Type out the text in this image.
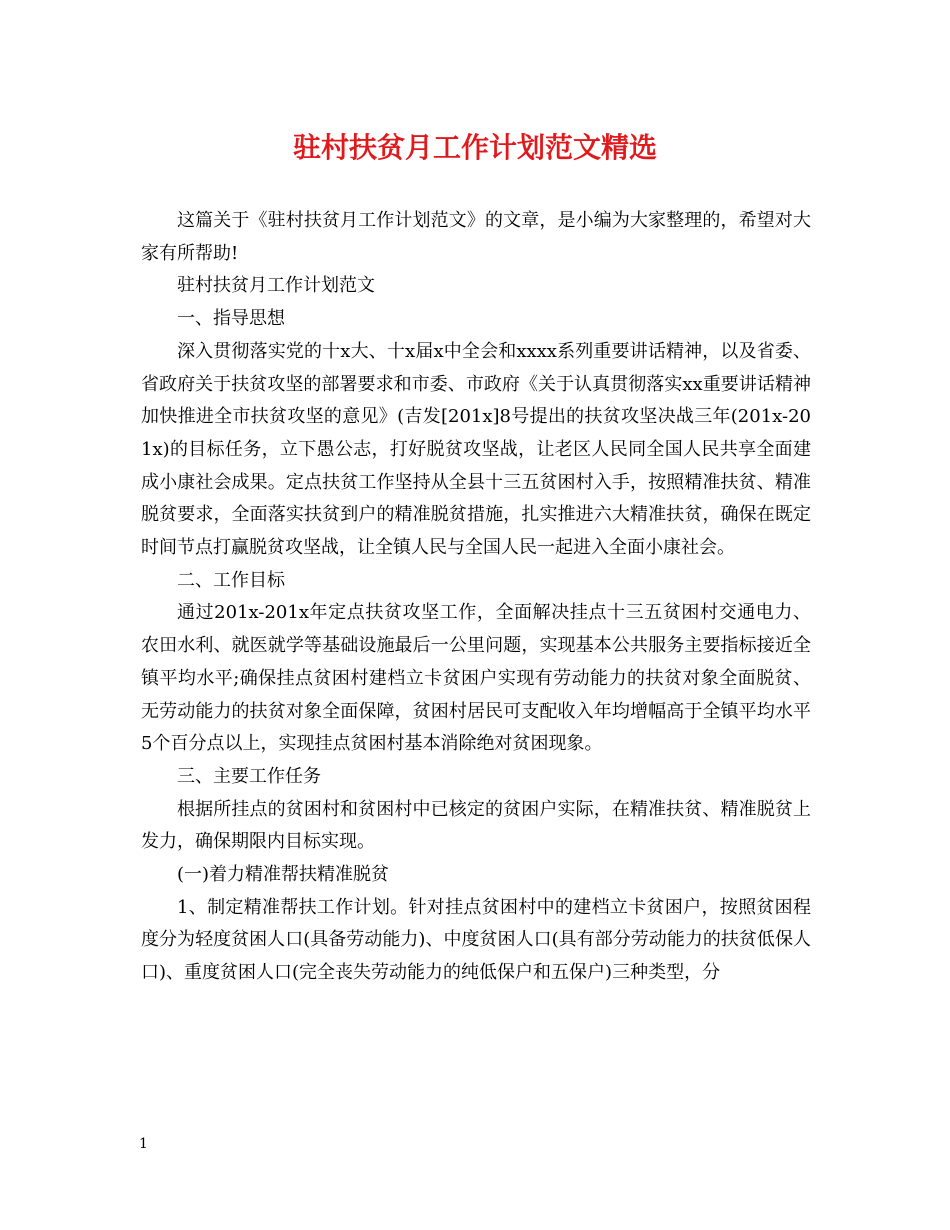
驻村扶贫月工作计划范文精选

这篇关于《驻村扶贫月工作计划范文》的文章，是小编为大家整理的，希望对大家有所帮助!

驻村扶贫月工作计划范文

一、指导思想

深入贯彻落实党的十x大、十x届x中全会和xxxx系列重要讲话精神，以及省委、省政府关于扶贫攻坚的部署要求和市委、市政府《关于认真贯彻落实xx重要讲话精神加快推进全市扶贫攻坚的意见》(吉发[201x]8号提出的扶贫攻坚决战三年(201x-201x)的目标任务，立下愚公志，打好脱贫攻坚战，让老区人民同全国人民共享全面建成小康社会成果。定点扶贫工作坚持从全县十三五贫困村入手，按照精准扶贫、精准脱贫要求，全面落实扶贫到户的精准脱贫措施，扎实推进六大精准扶贫，确保在既定时间节点打赢脱贫攻坚战，让全镇人民与全国人民一起进入全面小康社会。

二、工作目标

通过201x-201x年定点扶贫攻坚工作，全面解决挂点十三五贫困村交通电力、农田水利、就医就学等基础设施最后一公里问题，实现基本公共服务主要指标接近全镇平均水平;确保挂点贫困村建档立卡贫困户实现有劳动能力的扶贫对象全面脱贫、无劳动能力的扶贫对象全面保障，贫困村居民可支配收入年均增幅高于全镇平均水平5个百分点以上，实现挂点贫困村基本消除绝对贫困现象。

三、主要工作任务

根据所挂点的贫困村和贫困村中已核定的贫困户实际，在精准扶贫、精准脱贫上发力，确保期限内目标实现。

(一)着力精准帮扶精准脱贫

1、制定精准帮扶工作计划。针对挂点贫困村中的建档立卡贫困户，按照贫困程度分为轻度贫困人口(具备劳动能力)、中度贫困人口(具有部分劳动能力的扶贫低保人口)、重度贫困人口(完全丧失劳动能力的纯低保户和五保户)三种类型，分

1
